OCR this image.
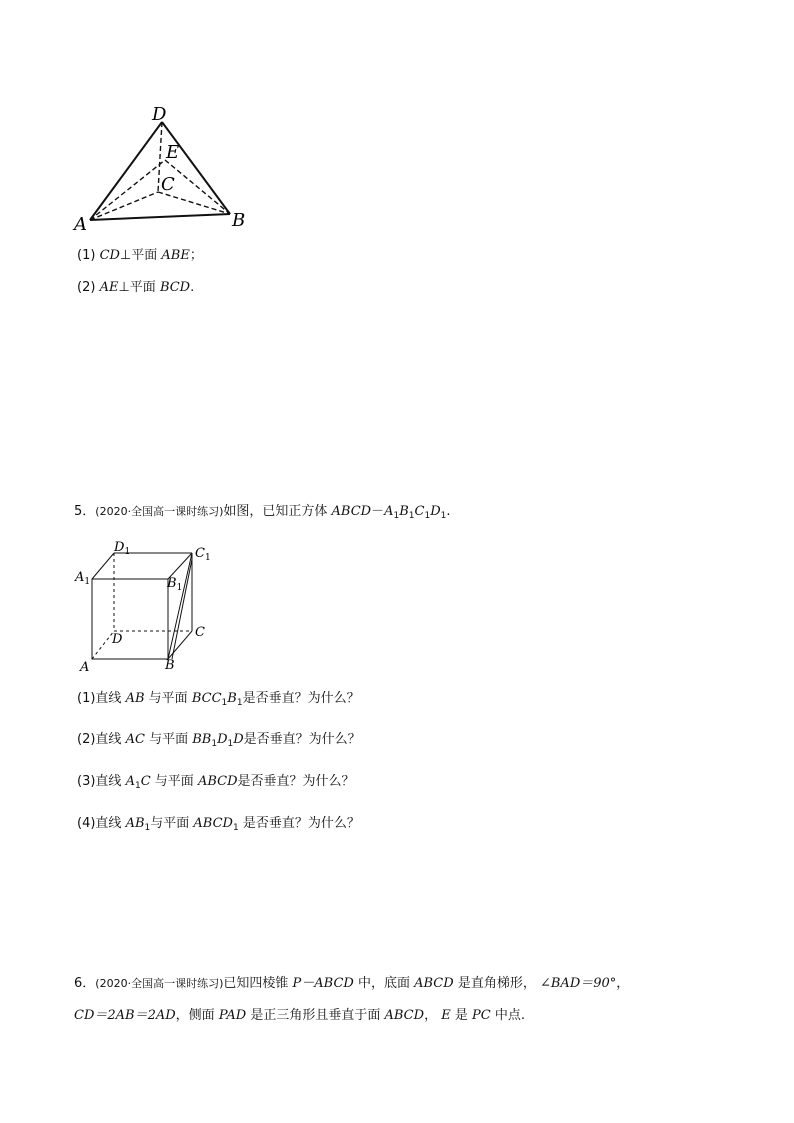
D
E
C
A	B
(1) CD⊥平面 ABE；
(2) AE⊥平面 BCD.
5．(2020·全国高一课时练习)如图，已知正方体 $ABCD-A_1B_1C_1D_1$.
$D_1$	$C_1$
$A_1$	$B_1$
D	C
A	B
(1)直线 AB 与平面 $BCC_1B_1$是否垂直？为什么？
(2)直线 AC 与平面 $BB_1D_1D$是否垂直？为什么？
(3)直线 $A_1C$ 与平面 ABCD是否垂直？为什么？
(4)直线 $AB_1$与平面 $ABCD_1$ 是否垂直？为什么？
6．(2020·全国高一课时练习)已知四棱锥 P－ABCD 中，底面 ABCD 是直角梯形， ∠BAD＝90°，
CD＝2AB＝2AD，侧面 PAD 是正三角形且垂直于面 ABCD， E 是 PC 中点.
